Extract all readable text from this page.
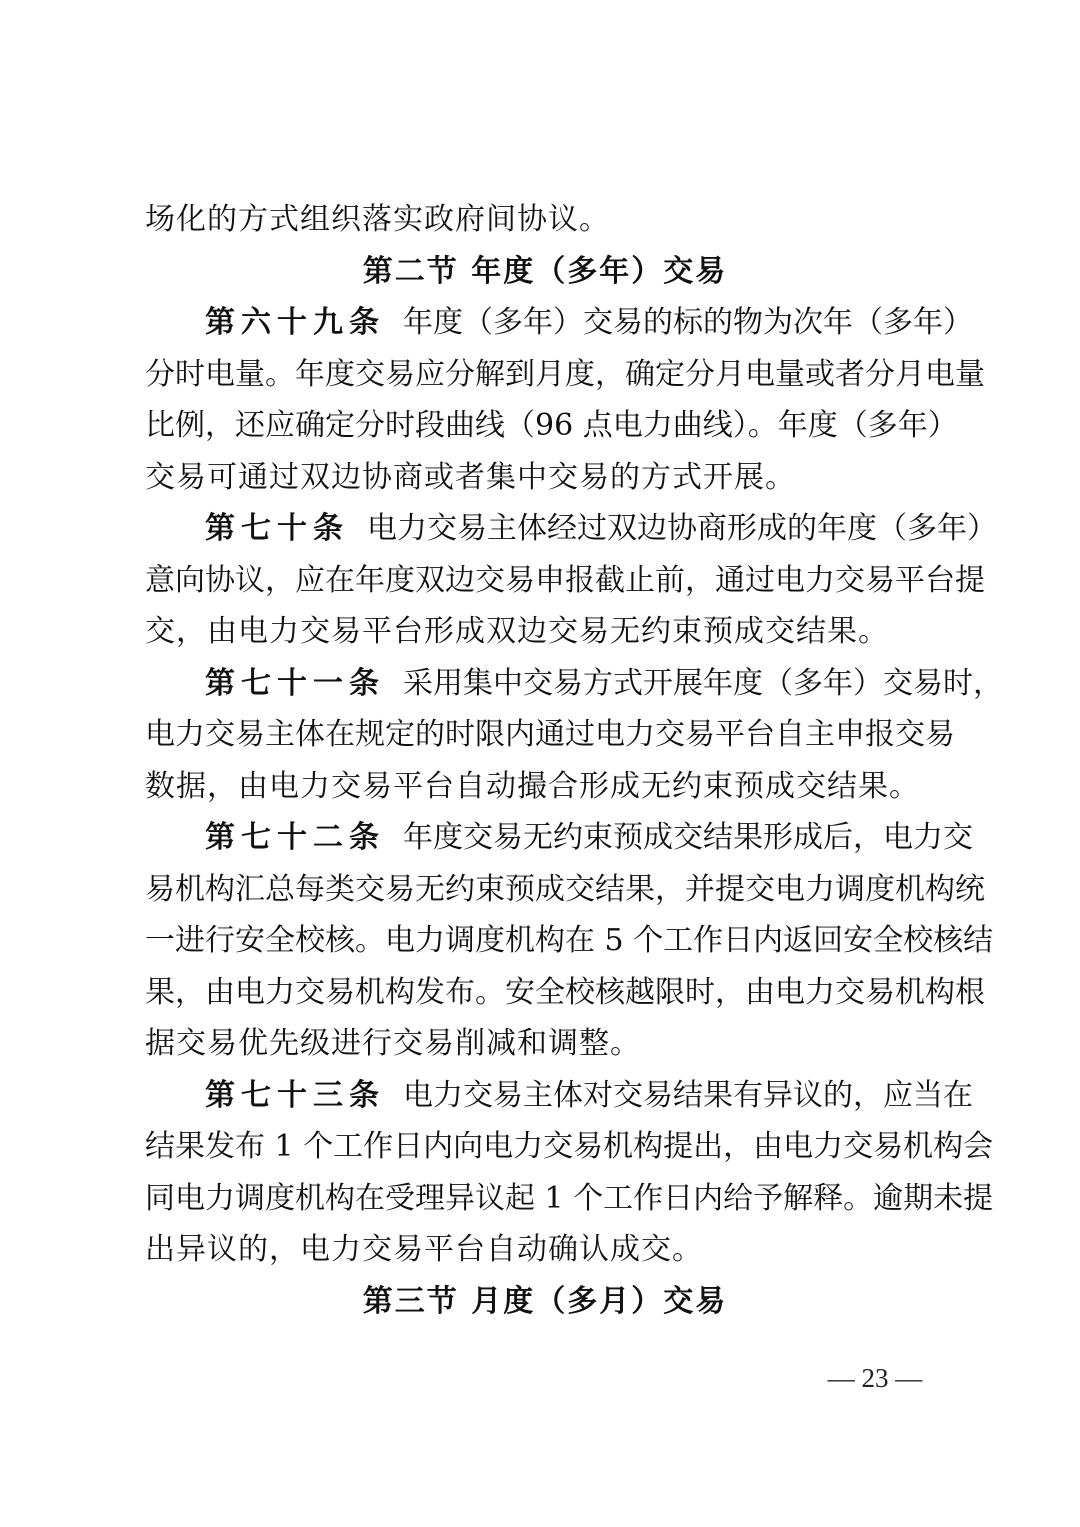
场化的方式组织落实政府间协议。
第二节 年度（多年）交易
第六十九条 年度（多年）交易的标的物为次年（多年）
分时电量。年度交易应分解到月度，确定分月电量或者分月电量
比例，还应确定分时段曲线（96 点电力曲线）。年度（多年）
交易可通过双边协商或者集中交易的方式开展。
第七十条 电力交易主体经过双边协商形成的年度（多年）
意向协议，应在年度双边交易申报截止前，通过电力交易平台提
交，由电力交易平台形成双边交易无约束预成交结果。
第七十一条 采用集中交易方式开展年度（多年）交易时，
电力交易主体在规定的时限内通过电力交易平台自主申报交易
数据，由电力交易平台自动撮合形成无约束预成交结果。
第七十二条 年度交易无约束预成交结果形成后，电力交
易机构汇总每类交易无约束预成交结果，并提交电力调度机构统
一进行安全校核。电力调度机构在 5 个工作日内返回安全校核结
果，由电力交易机构发布。安全校核越限时，由电力交易机构根
据交易优先级进行交易削减和调整。
第七十三条 电力交易主体对交易结果有异议的，应当在
结果发布 1 个工作日内向电力交易机构提出，由电力交易机构会
同电力调度机构在受理异议起 1 个工作日内给予解释。逾期未提
出异议的，电力交易平台自动确认成交。
第三节 月度（多月）交易
— 23 —
